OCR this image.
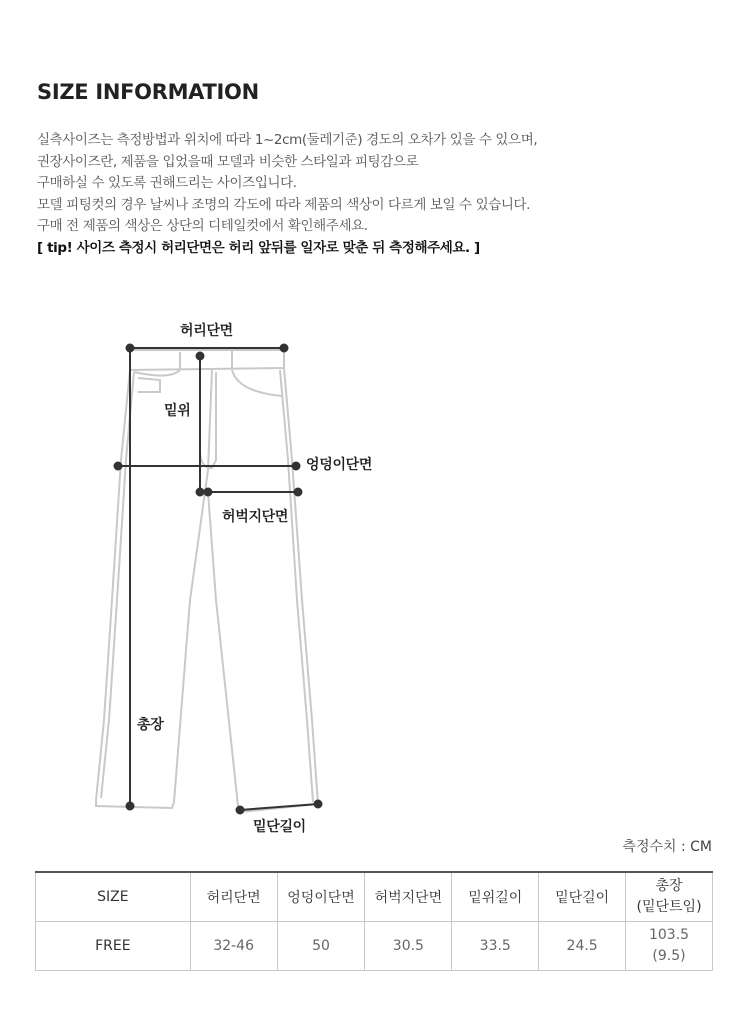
SIZE INFORMATION
실측사이즈는 측정방법과 위치에 따라 1~2cm(둘레기준) 경도의 오차가 있을 수 있으며,
권장사이즈란, 제품을 입었을때 모델과 비슷한 스타일과 피팅감으로
구매하실 수 있도록 권해드리는 사이즈입니다.
모델 피팅컷의 경우 날씨나 조명의 각도에 따라 제품의 색상이 다르게 보일 수 있습니다.
구매 전 제품의 색상은 상단의 디테일컷에서 확인해주세요.
[ tip! 사이즈 측정시 허리단면은 허리 앞뒤를 일자로 맞춘 뒤 측정해주세요. ]
허리단면
밑위
엉덩이단면
허벅지단면
총장
밑단길이
측정수치 : CM
SIZE	허리단면	엉덩이단면	허벅지단면	밑위길이	밑단길이	총장
(밑단트임)

FREE	32-46	50	30.5	33.5	24.5	103.5
(9.5)
